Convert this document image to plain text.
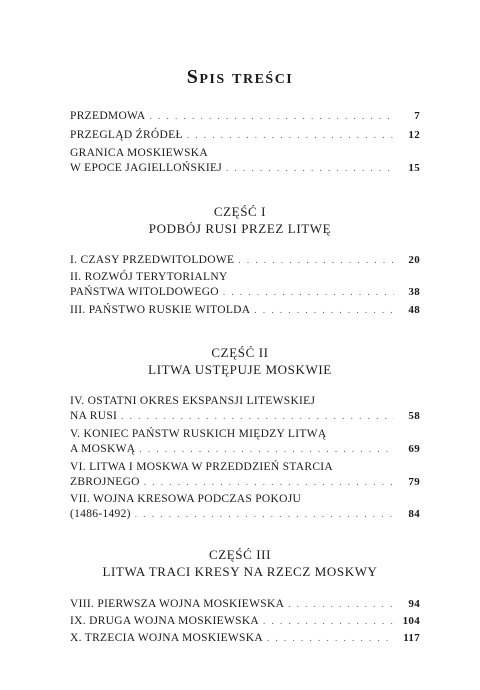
Spis treści
PRZEDMOWA . . .	7
PRZEGLĄD ŹRÓDEŁ . . .	12
GRANICA MOSKIEWSKA
W EPOCE JAGIELLOŃSKIEJ . . .	15
CZĘŚĆ I
PODBÓJ RUSI PRZEZ LITWĘ
I. CZASY PRZEDWITOLDOWE . . .	20
II. ROZWÓJ TERYTORIALNY
PAŃSTWA WITOLDOWEGO . . .	38
III. PAŃSTWO RUSKIE WITOLDA . . .	48
CZĘŚĆ II
LITWA USTĘPUJE MOSKWIE
IV. OSTATNI OKRES EKSPANSJI LITEWSKIEJ
NA RUSI . . .	58
V. KONIEC PAŃSTW RUSKICH MIĘDZY LITWĄ
A MOSKWĄ . . .	69
VI. LITWA I MOSKWA W PRZEDDZIEŃ STARCIA
ZBROJNEGO . . .	79
VII. WOJNA KRESOWA PODCZAS POKOJU
(1486-1492) . . .	84
CZĘŚĆ III
LITWA TRACI KRESY NA RZECZ MOSKWY
VIII. PIERWSZA WOJNA MOSKIEWSKA . . .	94
IX. DRUGA WOJNA MOSKIEWSKA . . .	104
X. TRZECIA WOJNA MOSKIEWSKA . . .	117
